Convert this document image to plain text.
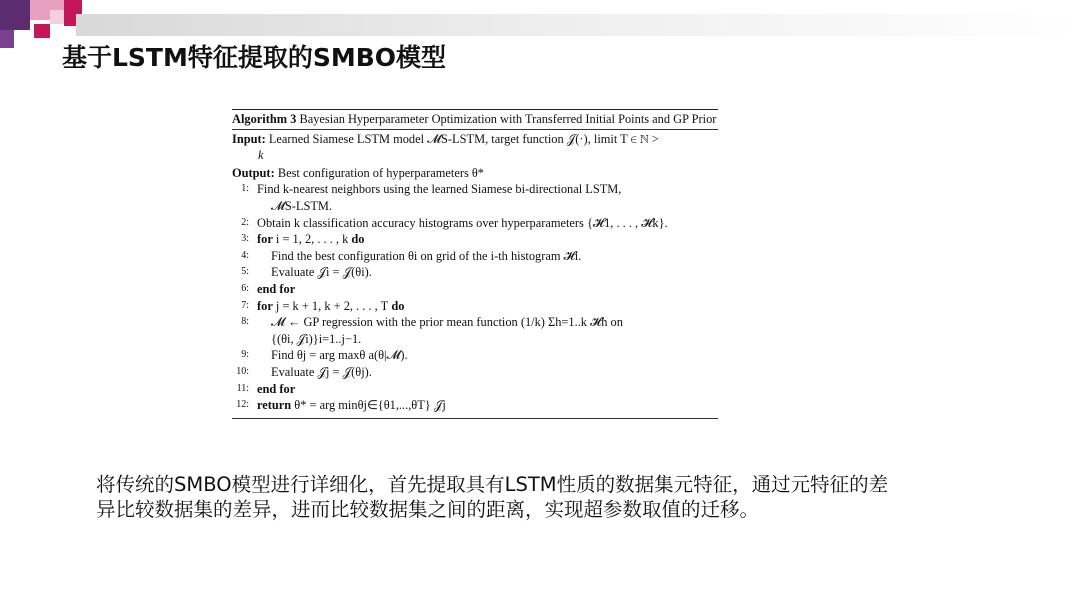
基于LSTM特征提取的SMBO模型
Algorithm 3 Bayesian Hyperparameter Optimization with Transferred Initial Points and GP Prior
Input: Learned Siamese LSTM model 𝓜S-LSTM, target function 𝒥(·), limit T ∈ ℕ >
k
Output: Best configuration of hyperparameters θ*
1: Find k-nearest neighbors using the learned Siamese bi-directional LSTM,
𝓜S-LSTM.
2: Obtain k classification accuracy histograms over hyperparameters {𝓗1, . . . , 𝓗k}.
3: for i = 1, 2, . . . , k do
4:	Find the best configuration θi on grid of the i-th histogram 𝓗i.
5:	Evaluate 𝒥i = 𝒥(θi).
6: end for
7: for j = k + 1, k + 2, . . . , T do
8:	𝓜 ← GP regression with the prior mean function (1/k) Σh=1..k 𝓗h on
{(θi, 𝒥i)}i=1..j−1.
9:	Find θj = arg maxθ a(θ|𝓜).
10:	Evaluate 𝒥j = 𝒥(θj).
11: end for
12: return θ* = arg minθj∈{θ1,...,θT} 𝒥j
将传统的SMBO模型进行详细化，首先提取具有LSTM性质的数据集元特征，通过元特征的差异比较数据集的差异，进而比较数据集之间的距离，实现超参数取值的迁移。
